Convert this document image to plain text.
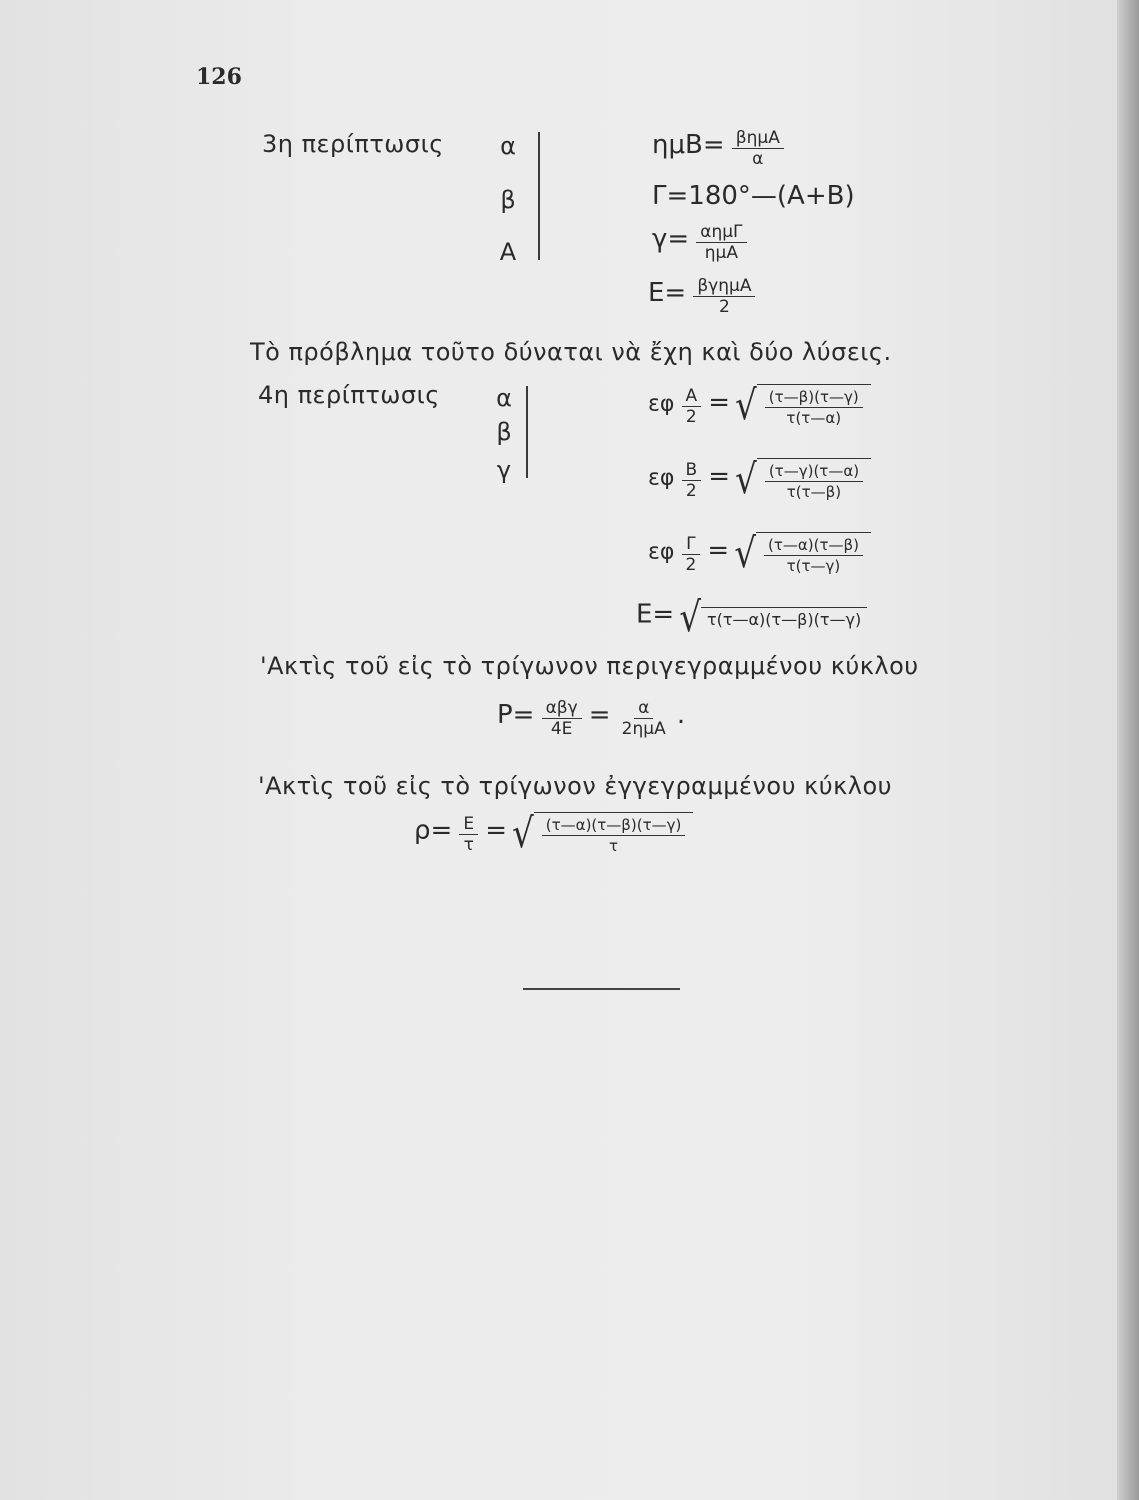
126
3η περίπτωσις	α
β
Α
$\eta\mu B= \frac{\text{βημΑ}}{\alpha}$
Γ=180°—(Α+Β)
$\gamma= \frac{\text{αημΓ}}{\text{ημΑ}}$
$E= \frac{\text{βγημΑ}}{2}$
Τὸ πρόβλημα τοῦτο δύναται νὰ ἔχη καὶ δύο λύσεις.
4η περίπτωσις	α
β
γ
εφ $\frac{A}{2}$ = √ $\frac{(\tau—\beta)(\tau—\gamma)}{\tau(\tau—\alpha)}$
εφ $\frac{B}{2}$ = √ $\frac{(\tau—\gamma)(\tau—\alpha)}{\tau(\tau—\beta)}$
εφ $\frac{\Gamma}{2}$ = √ $\frac{(\tau—\alpha)(\tau—\beta)}{\tau(\tau—\gamma)}$
Ε= √ τ(τ—α)(τ—β)(τ—γ)
'Ακτὶς τοῦ εἰς τὸ τρίγωνον περιγεγραμμένου κύκλου
$P= \frac{\text{αβγ}}{4E} = \frac{\alpha}{\text{2ημΑ}}$ .
'Ακτὶς τοῦ εἰς τὸ τρίγωνον ἐγγεγραμμένου κύκλου
$\rho= \frac{E}{\tau}$ = √ $\frac{(\tau—\alpha)(\tau—\beta)(\tau—\gamma)}{\tau}$
